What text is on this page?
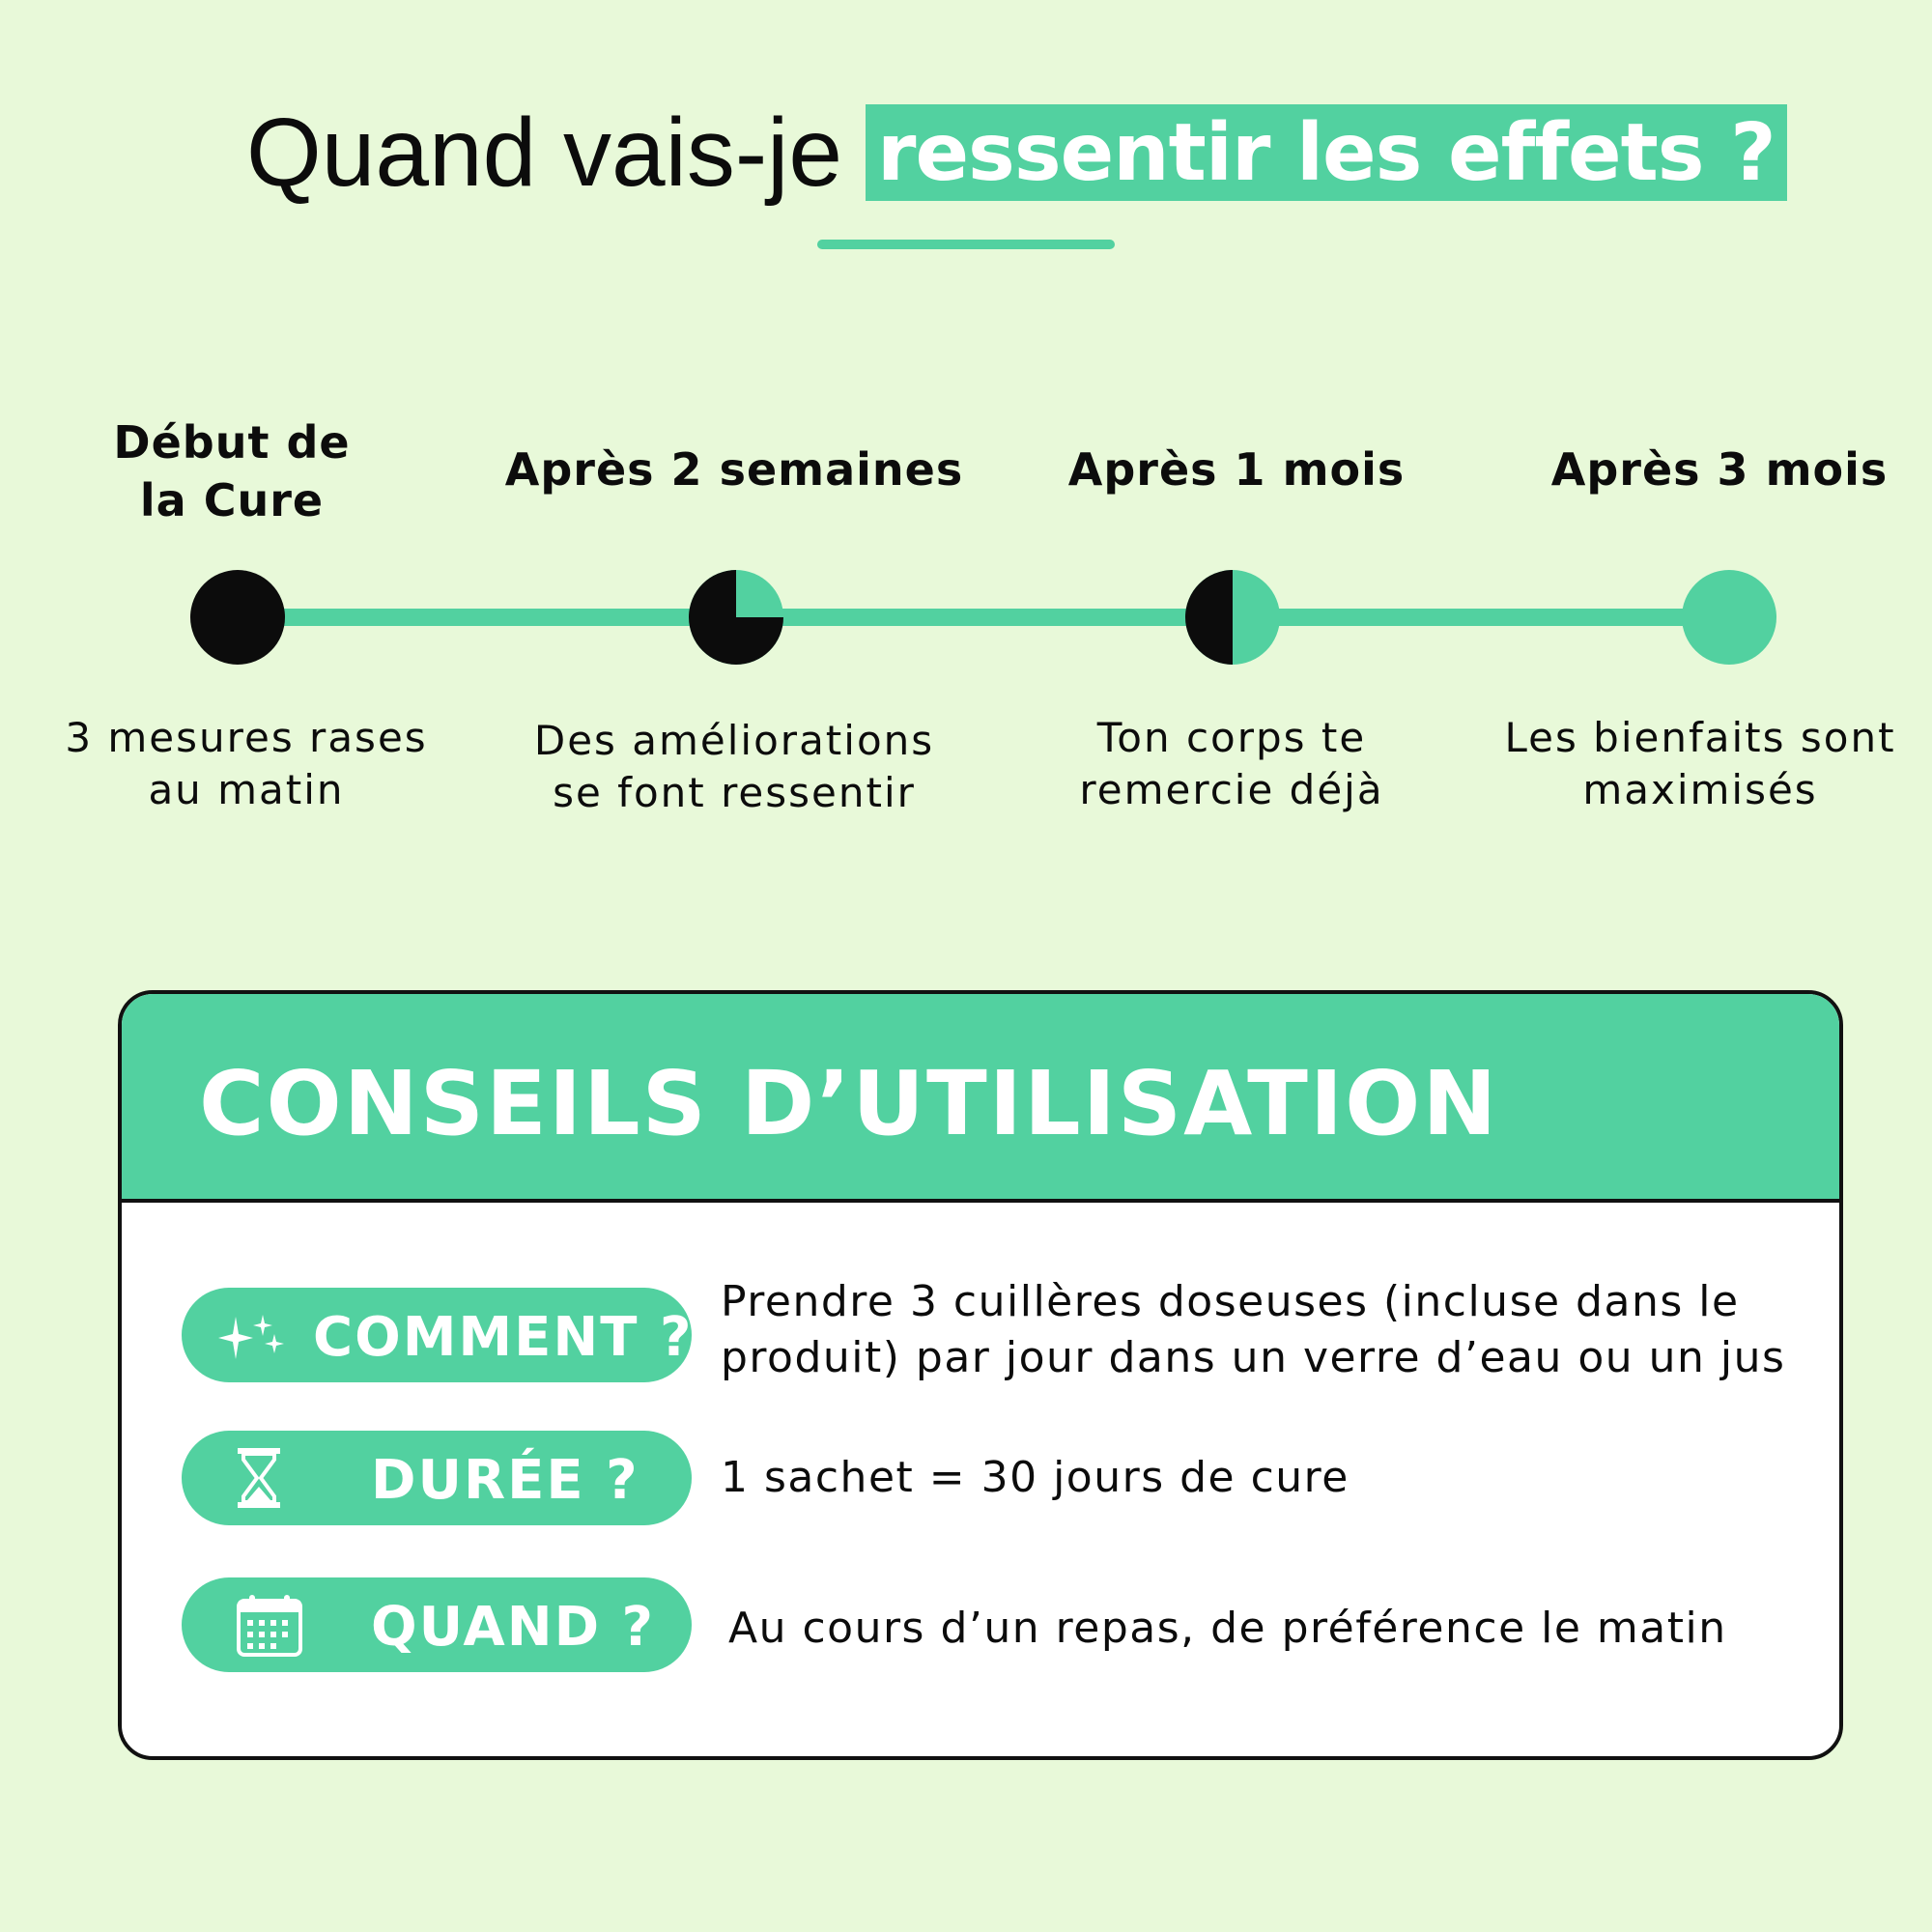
Quand vais-je ressentir les effets ?
Début de la Cure
Après 2 semaines	Après 1 mois	Après 3 mois
3 mesures rases au matin
Des améliorations se font ressentir
Ton corps te remercie déjà
Les bienfaits sont maximisés
CONSEILS D’UTILISATION
COMMENT ?
Prendre 3 cuillères doseuses (incluse dans le produit) par jour dans un verre d’eau ou un jus
DURÉE ? 1 sachet = 30 jours de cure
QUAND ? Au cours d’un repas, de préférence le matin
